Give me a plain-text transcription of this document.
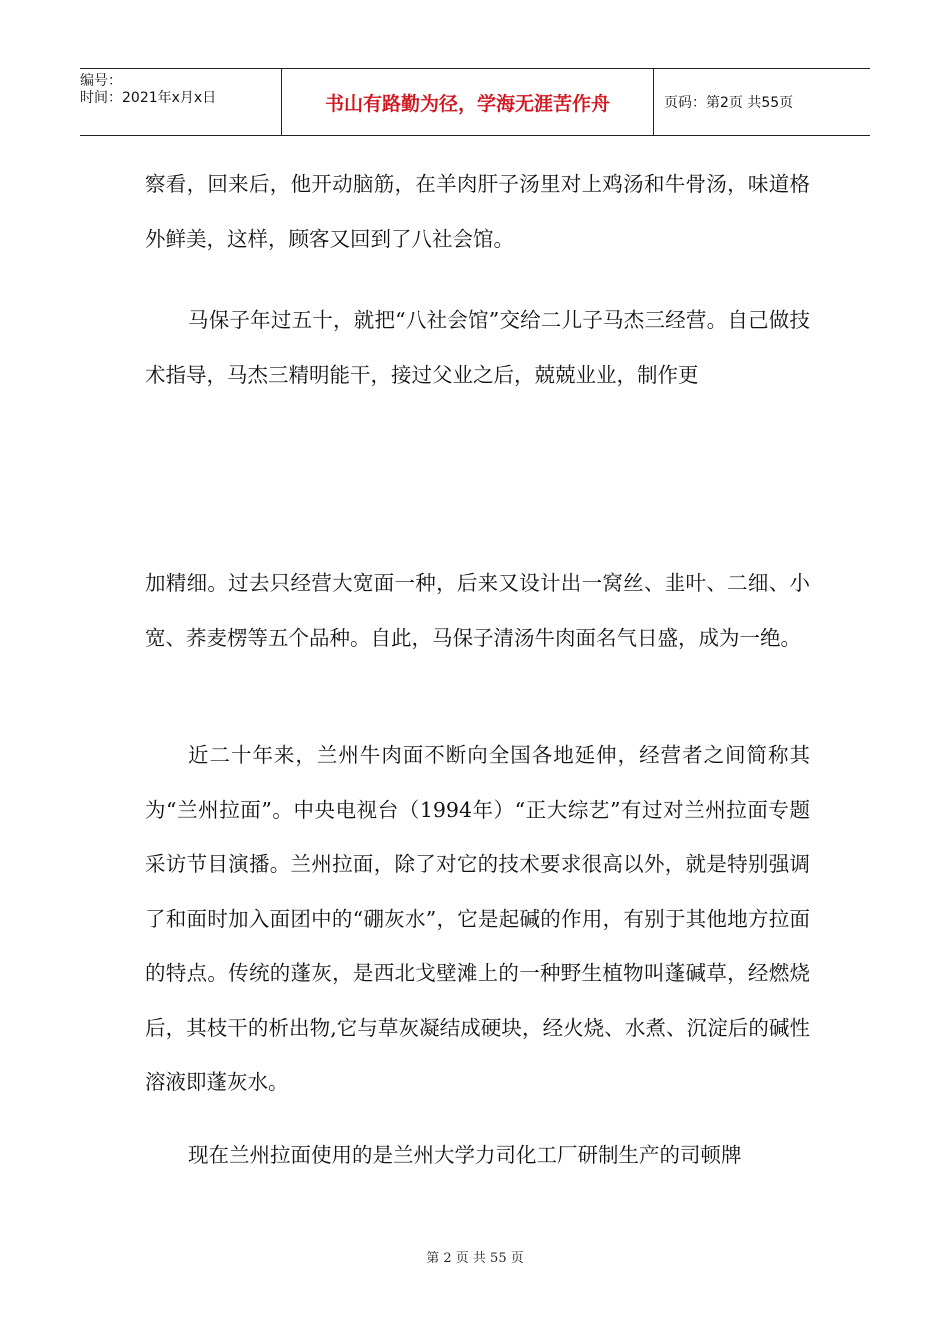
编号：
时间：2021年x月x日	书山有路勤为径，学海无涯苦作舟	页码：第2页 共55页

察看，回来后，他开动脑筋，在羊肉肝子汤里对上鸡汤和牛骨汤，味道格外鲜美，这样，顾客又回到了八社会馆。

马保子年过五十，就把“八社会馆”交给二儿子马杰三经营。自己做技术指导，马杰三精明能干，接过父业之后，兢兢业业，制作更

加精细。过去只经营大宽面一种，后来又设计出一窝丝、韭叶、二细、小宽、荞麦楞等五个品种。自此，马保子清汤牛肉面名气日盛，成为一绝。

近二十年来，兰州牛肉面不断向全国各地延伸，经营者之间简称其为“兰州拉面”。中央电视台（1994年）“正大综艺”有过对兰州拉面专题采访节目演播。兰州拉面，除了对它的技术要求很高以外，就是特别强调了和面时加入面团中的“硼灰水”，它是起碱的作用，有别于其他地方拉面的特点。传统的蓬灰，是西北戈壁滩上的一种野生植物叫蓬碱草，经燃烧后，其枝干的析出物,它与草灰凝结成硬块，经火烧、水煮、沉淀后的碱性溶液即蓬灰水。

现在兰州拉面使用的是兰州大学力司化工厂研制生产的司顿牌

第 2 页 共 55 页
